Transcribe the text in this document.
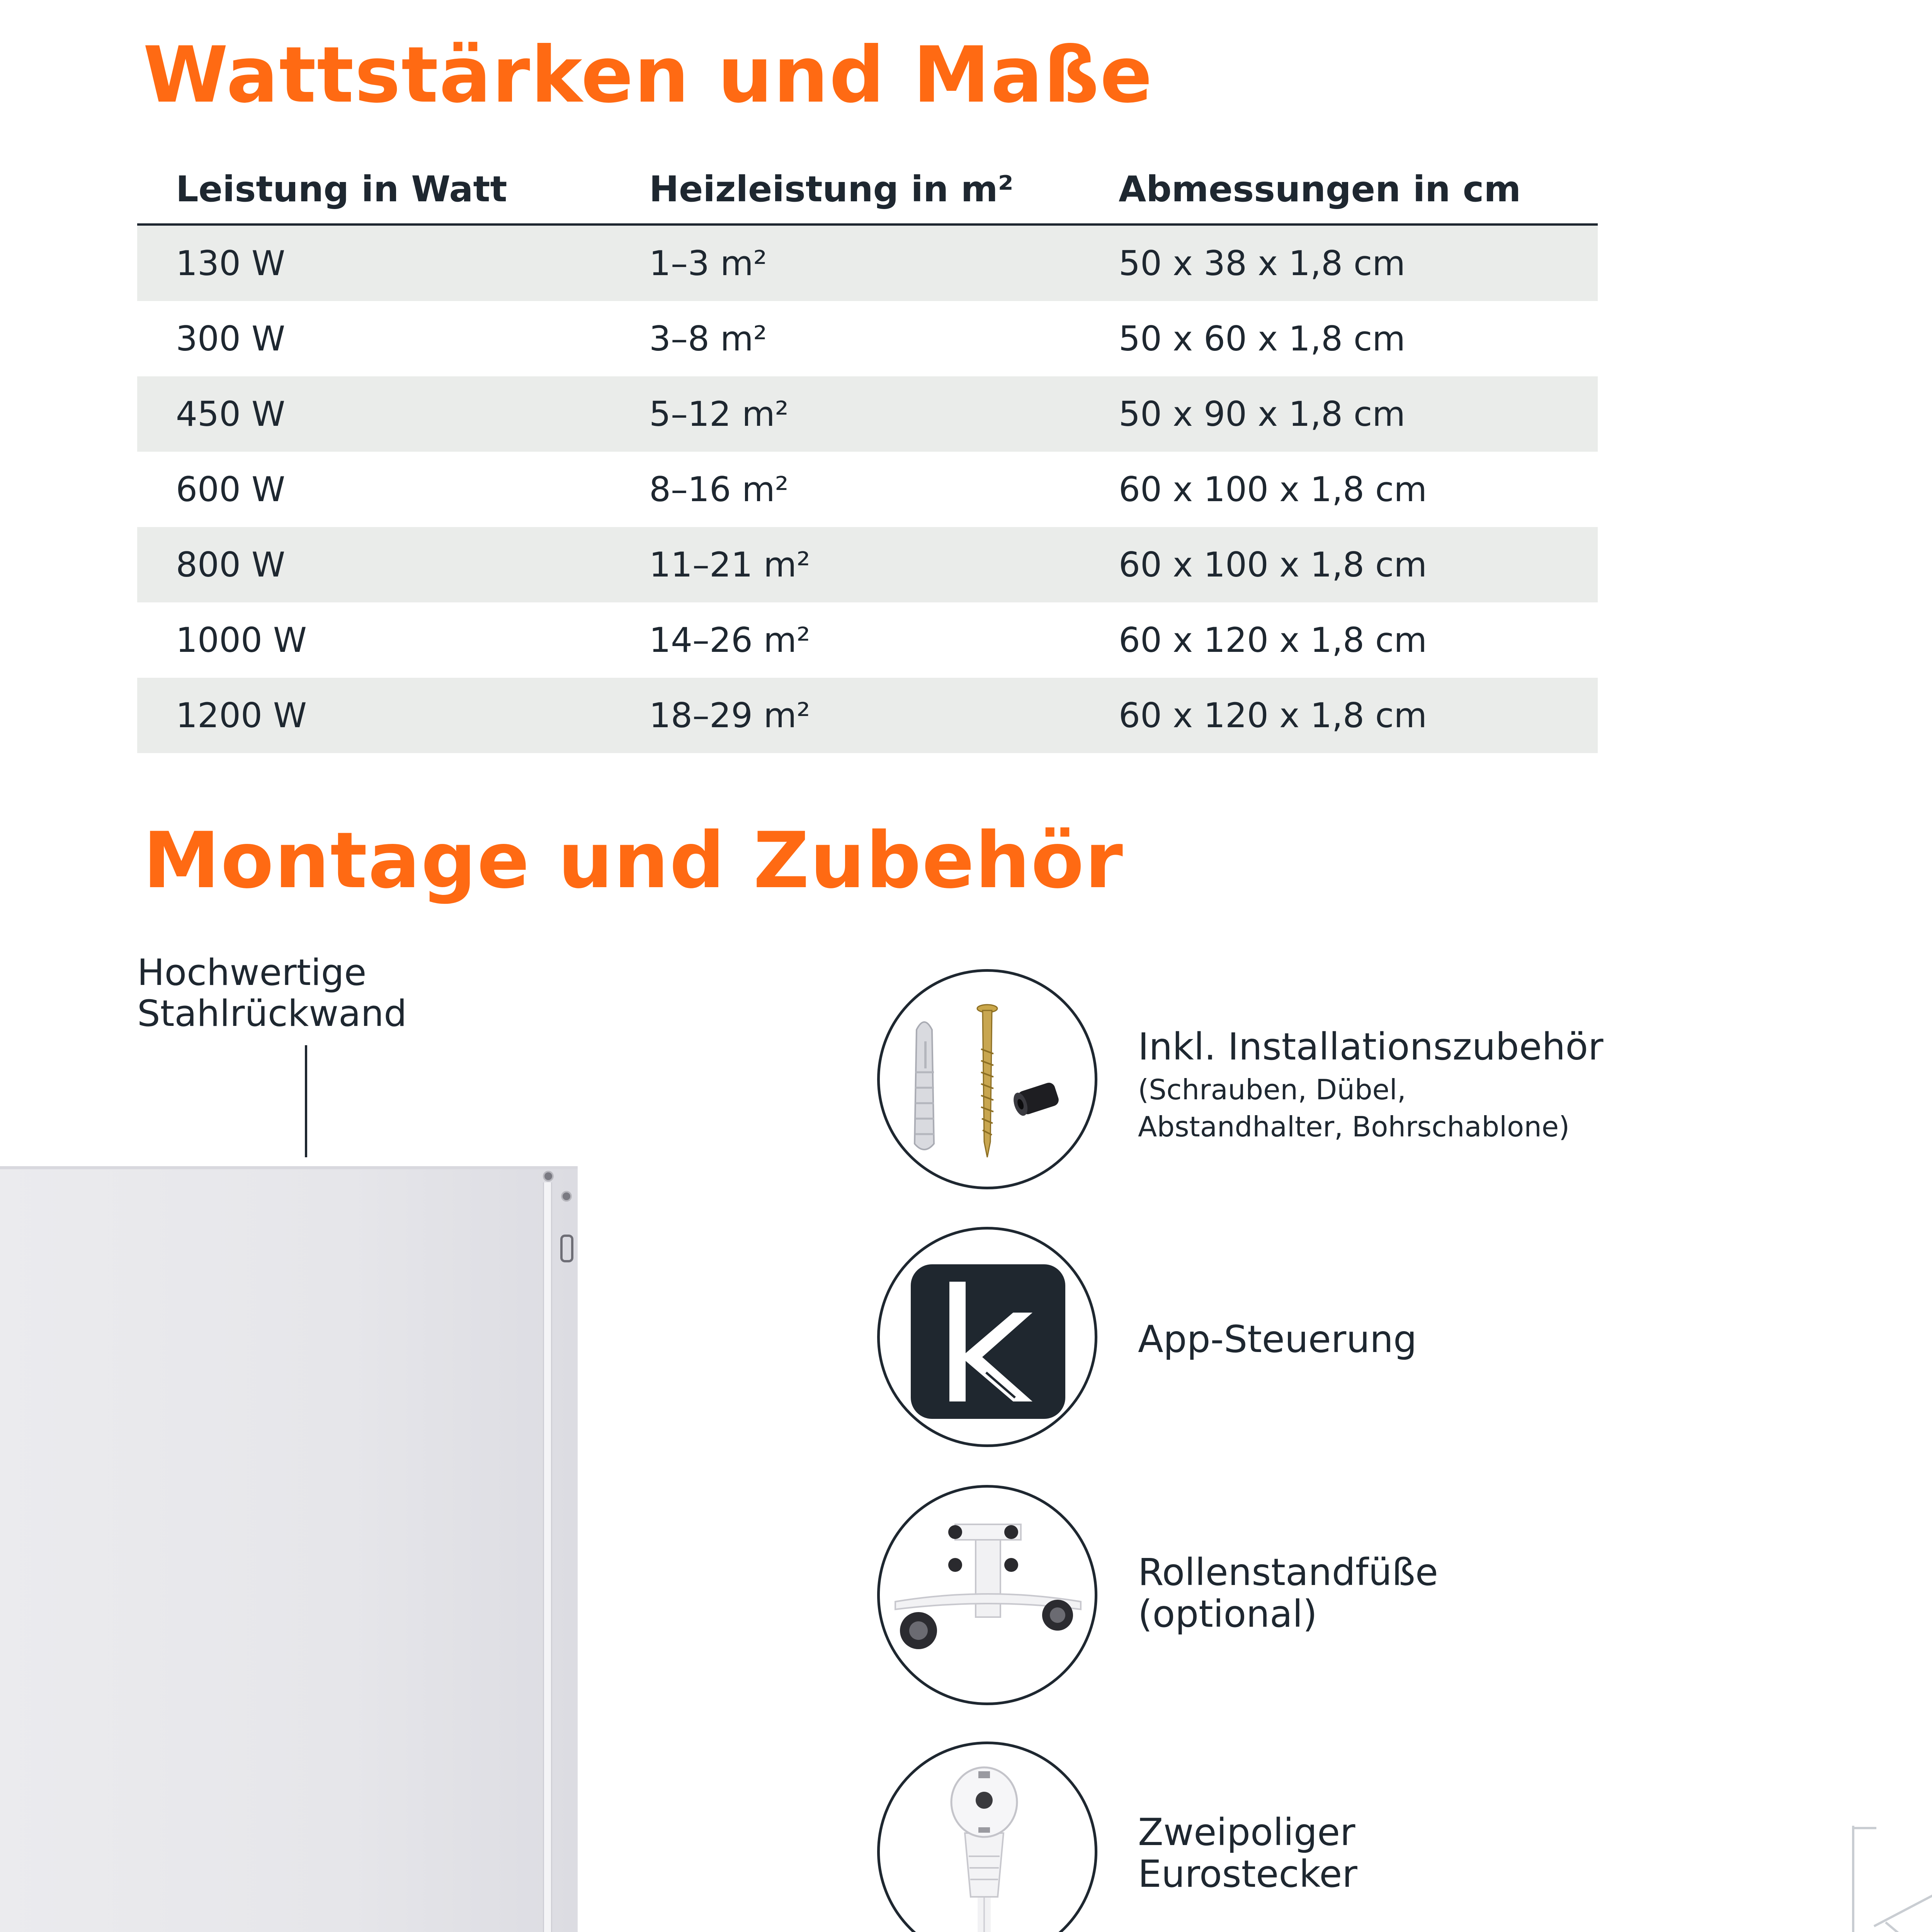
Wattstärken und Maße
Leistung in Watt	Heizleistung in m²	Abmessungen in cm
130 W	1–3 m²	50 x 38 x 1,8 cm
300 W	3–8 m²	50 x 60 x 1,8 cm
450 W	5–12 m²	50 x 90 x 1,8 cm
600 W	8–16 m²	60 x 100 x 1,8 cm
800 W	11–21 m²	60 x 100 x 1,8 cm
1000 W	14–26 m²	60 x 120 x 1,8 cm
1200 W	18–29 m²	60 x 120 x 1,8 cm
Montage und Zubehör
Hochwertige
Stahlrückwand
Inkl. Installationszubehör
(Schrauben, Dübel,
Abstandhalter, Bohrschablone)
App-Steuerung
Rollenstandfüße
(optional)
Zweipoliger
Eurostecker
